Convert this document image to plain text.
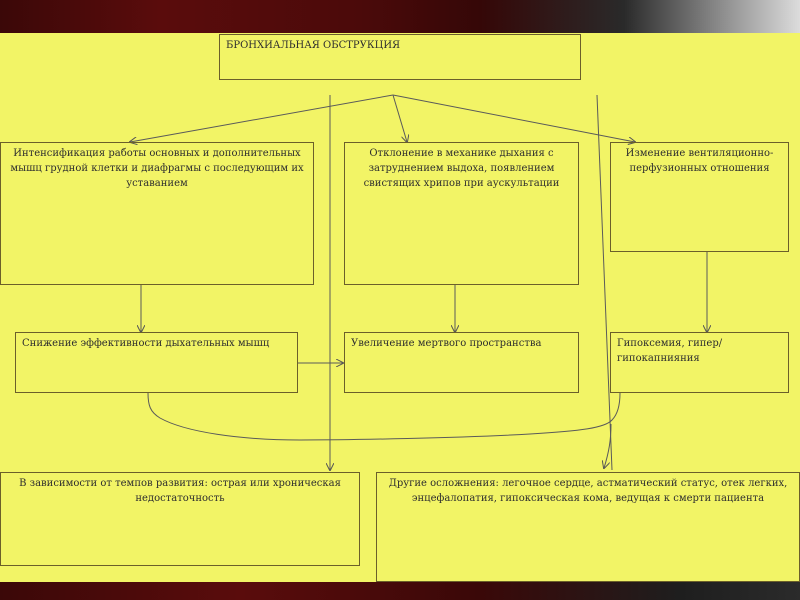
БРОНХИАЛЬНАЯ ОБСТРУКЦИЯ
Интенсификация работы основных и дополнительных мышц грудной клетки и диафрагмы с последующим их уставанием
Отклонение в механике дыхания с затруднением выдоха, появлением свистящих хрипов при аускультации
Изменение вентиляционно-перфузионных отношения
Снижение эффективности дыхательных мышц	Увеличение мертвого пространства	Гипоксемия, гипер/гипокапнияния
В зависимости от темпов развития: острая или хроническая недостаточность
Другие осложнения: легочное сердце, астматический статус, отек легких, энцефалопатия, гипоксическая кома, ведущая к смерти пациента
